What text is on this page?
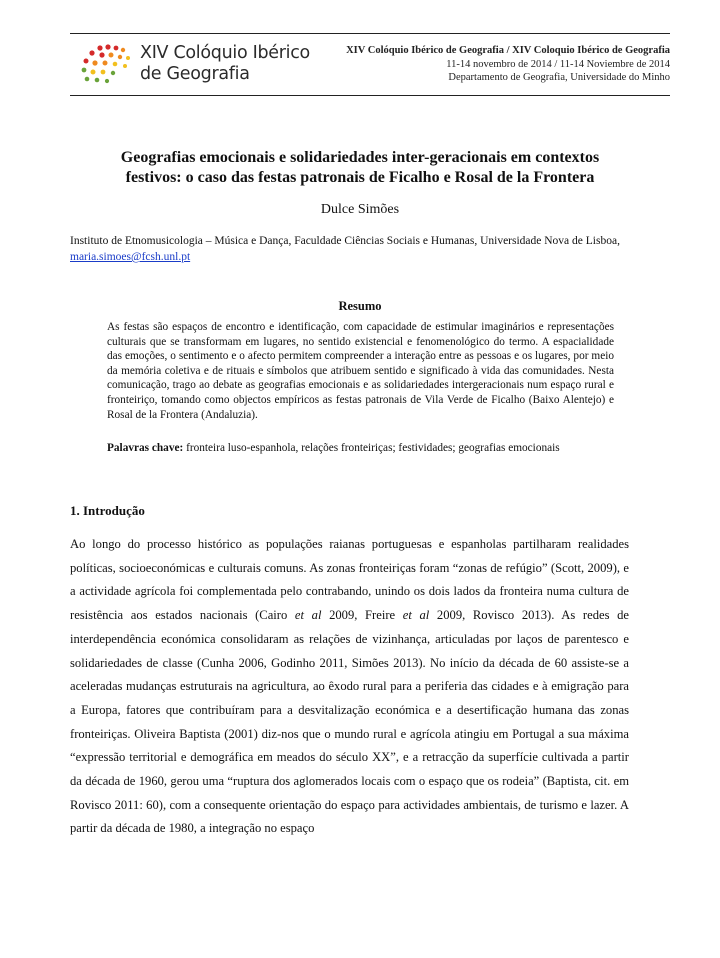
XIV Colóquio Ibérico
de Geografia
XIV Colóquio Ibérico de Geografia / XIV Coloquio Ibérico de Geografia
11-14 novembro de 2014 / 11-14 Noviembre de 2014
Departamento de Geografia, Universidade do Minho
Geografias emocionais e solidariedades inter-geracionais em contextos
festivos: o caso das festas patronais de Ficalho e Rosal de la Frontera
Dulce Simões
Instituto de Etnomusicologia – Música e Dança, Faculdade Ciências Sociais e Humanas, Universidade Nova de Lisboa, maria.simoes@fcsh.unl.pt
Resumo
As festas são espaços de encontro e identificação, com capacidade de estimular imaginários e representações culturais que se transformam em lugares, no sentido existencial e fenomenológico do termo. A espacialidade das emoções, o sentimento e o afecto permitem compreender a interação entre as pessoas e os lugares, por meio da memória coletiva e de rituais e símbolos que atribuem sentido e significado à vida das comunidades. Nesta comunicação, trago ao debate as geografias emocionais e as solidariedades intergeracionais num espaço rural e fronteiriço, tomando como objectos empíricos as festas patronais de Vila Verde de Ficalho (Baixo Alentejo) e Rosal de la Frontera (Andaluzia).
Palavras chave: fronteira luso-espanhola, relações fronteiriças; festividades; geografias emocionais
1. Introdução
Ao longo do processo histórico as populações raianas portuguesas e espanholas partilharam realidades políticas, socioeconómicas e culturais comuns. As zonas fronteiriças foram “zonas de refúgio” (Scott, 2009), e a actividade agrícola foi complementada pelo contrabando, unindo os dois lados da fronteira numa cultura de resistência aos estados nacionais (Cairo et al 2009, Freire et al 2009, Rovisco 2013). As redes de interdependência económica consolidaram as relações de vizinhança, articuladas por laços de parentesco e solidariedades de classe (Cunha 2006, Godinho 2011, Simões 2013). No início da década de 60 assiste-se a aceleradas mudanças estruturais na agricultura, ao êxodo rural para a periferia das cidades e à emigração para a Europa, fatores que contribuíram para a desvitalização económica e a desertificação humana das zonas fronteiriças. Oliveira Baptista (2001) diz-nos que o mundo rural e agrícola atingiu em Portugal a sua máxima “expressão territorial e demográfica em meados do século XX”, e a retracção da superfície cultivada a partir da década de 1960, gerou uma “ruptura dos aglomerados locais com o espaço que os rodeia” (Baptista, cit. em Rovisco 2011: 60), com a consequente orientação do espaço para actividades ambientais, de turismo e lazer. A partir da década de 1980, a integração no espaço
